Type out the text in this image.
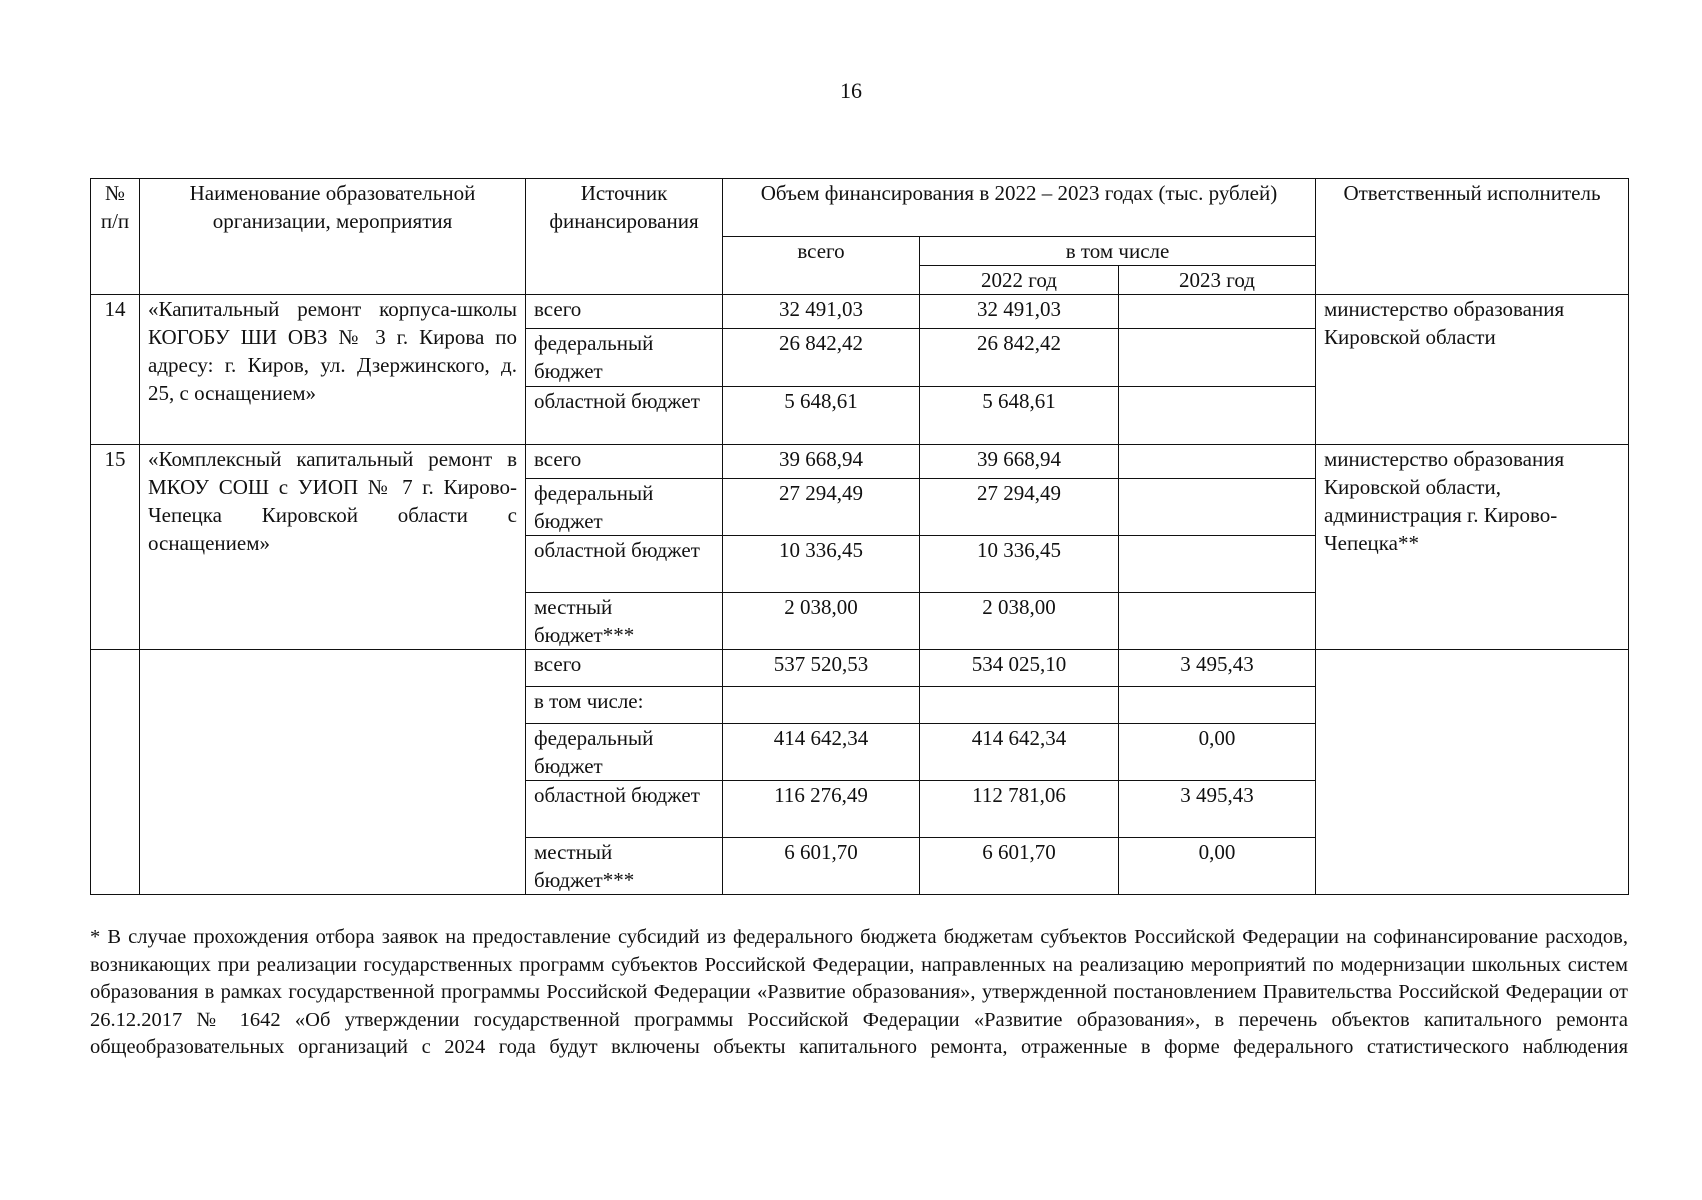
16
№ п/п	Наименование образовательной организации, мероприятия	Источник финансирования	Объем финансирования в 2022 – 2023 годах (тыс. рублей)			Ответственный исполнитель
			всего	в том числе		
				2022 год	2023 год	
14	«Капитальный ремонт корпуса-школы КОГОБУ ШИ ОВЗ № 3 г. Кирова по адресу: г. Киров, ул. Дзержинского, д. 25, с оснащением»	всего	32 491,03	32 491,03		министерство образования Кировской области
		федеральный бюджет	26 842,42	26 842,42		
		областной бюджет	5 648,61	5 648,61		
15	«Комплексный капитальный ремонт в МКОУ СОШ с УИОП № 7 г. Кирово-Чепецка Кировской области с оснащением»	всего	39 668,94	39 668,94		министерство образования Кировской области, администрация г. Кирово-Чепецка**
		федеральный бюджет	27 294,49	27 294,49		
		областной бюджет	10 336,45	10 336,45		
		местный бюджет***	2 038,00	2 038,00		
		всего	537 520,53	534 025,10	3 495,43	
		в том числе:				
		федеральный бюджет	414 642,34	414 642,34	0,00	
		областной бюджет	116 276,49	112 781,06	3 495,43	
		местный бюджет***	6 601,70	6 601,70	0,00	
* В случае прохождения отбора заявок на предоставление субсидий из федерального бюджета бюджетам субъектов Российской Федерации на софинансирование расходов, возникающих при реализации государственных программ субъектов Российской Федерации, направленных на реализацию мероприятий по модернизации школьных систем образования в рамках государственной программы Российской Федерации «Развитие образования», утвержденной постановлением Правительства Российской Федерации от 26.12.2017 № 1642 «Об утверждении государственной программы Российской Федерации «Развитие образования», в перечень объектов капитального ремонта общеобразовательных организаций с 2024 года будут включены объекты капитального ремонта, отраженные в форме федерального статистического наблюдения
